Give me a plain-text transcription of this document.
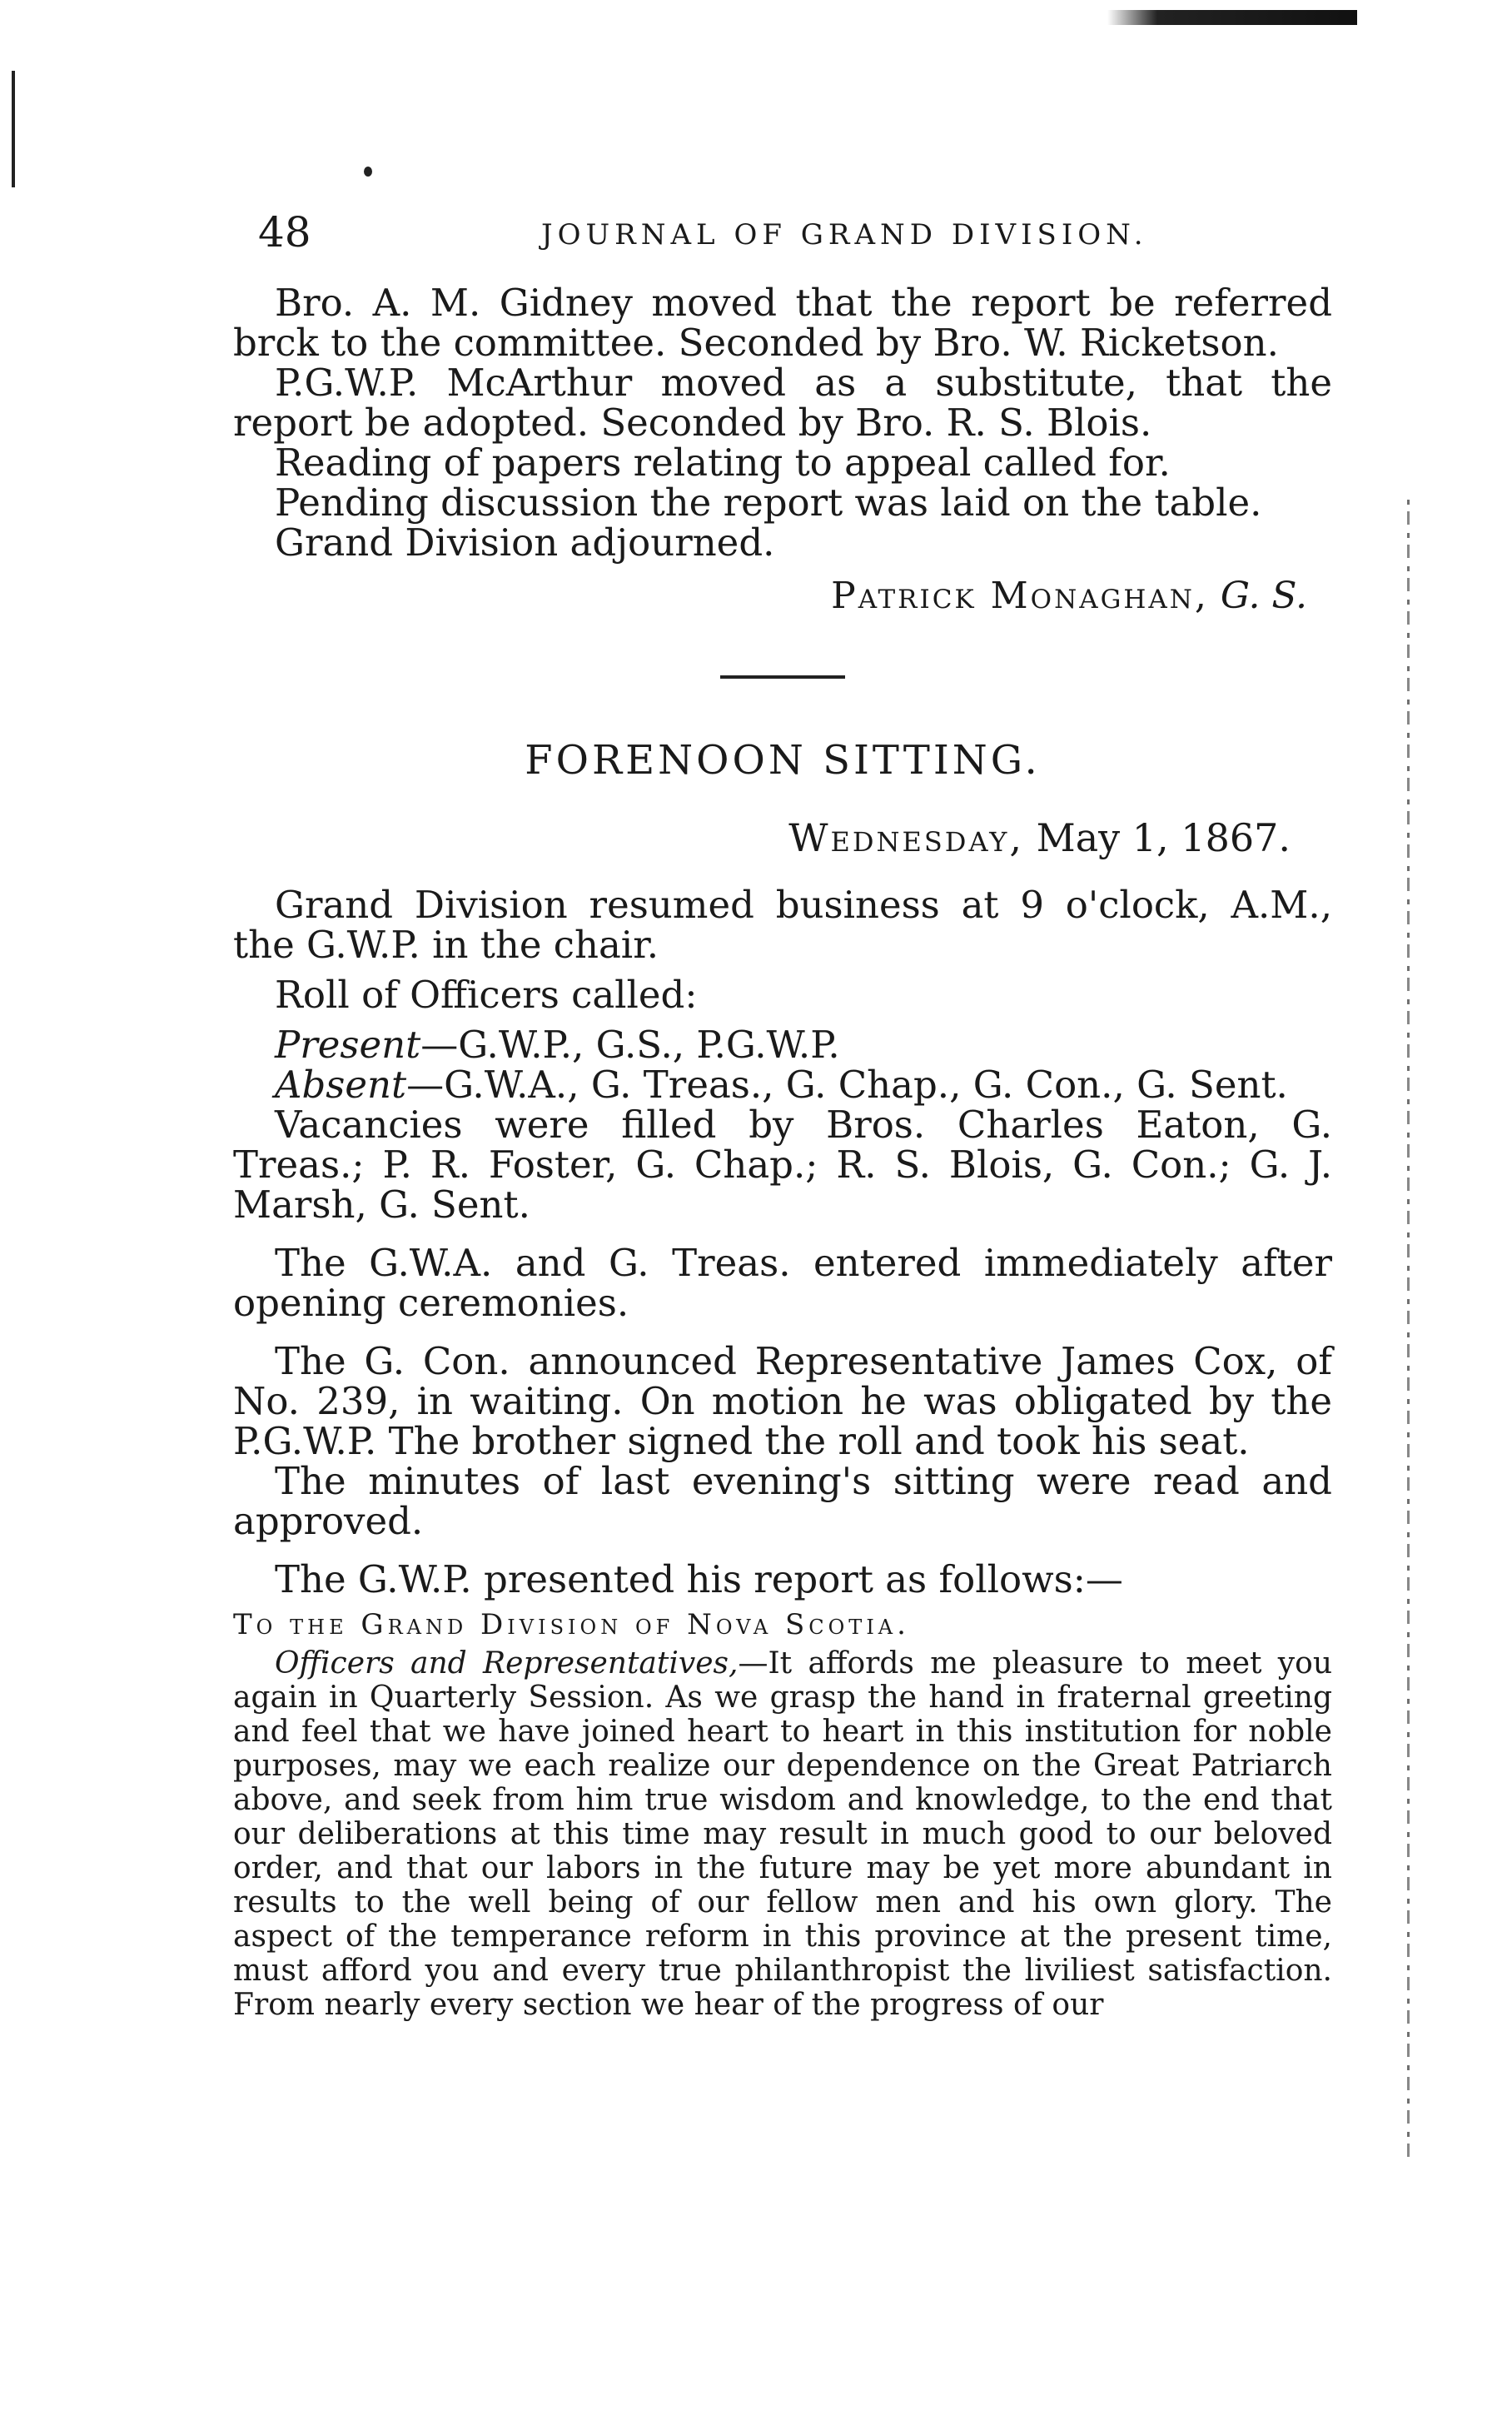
48	JOURNAL OF GRAND DIVISION.

Bro. A. M. Gidney moved that the report be referred brck to the committee. Seconded by Bro. W. Ricketson.

P.G.W.P. McArthur moved as a substitute, that the report be adopted. Seconded by Bro. R. S. Blois.

Reading of papers relating to appeal called for.

Pending discussion the report was laid on the table.

Grand Division adjourned.

Patrick Monaghan, G. S.
FORENOON SITTING.
Wednesday, May 1, 1867.

Grand Division resumed business at 9 o'clock, A.M., the G.W.P. in the chair.

Roll of Officers called:

Present—G.W.P., G.S., P.G.W.P.

Absent—G.W.A., G. Treas., G. Chap., G. Con., G. Sent.

Vacancies were filled by Bros. Charles Eaton, G. Treas.; P. R. Foster, G. Chap.; R. S. Blois, G. Con.; G. J. Marsh, G. Sent.

The G.W.A. and G. Treas. entered immediately after opening ceremonies.

The G. Con. announced Representative James Cox, of No. 239, in waiting. On motion he was obligated by the P.G.W.P. The brother signed the roll and took his seat.

The minutes of last evening's sitting were read and approved.

The G.W.P. presented his report as follows:—

To the Grand Division of Nova Scotia.

Officers and Representatives,—It affords me pleasure to meet you again in Quarterly Session. As we grasp the hand in fraternal greeting and feel that we have joined heart to heart in this institution for noble purposes, may we each realize our dependence on the Great Patriarch above, and seek from him true wisdom and knowledge, to the end that our deliberations at this time may result in much good to our beloved order, and that our labors in the future may be yet more abundant in results to the well being of our fellow men and his own glory. The aspect of the temperance reform in this province at the present time, must afford you and every true philanthropist the liviliest satisfaction. From nearly every section we hear of the progress of our
